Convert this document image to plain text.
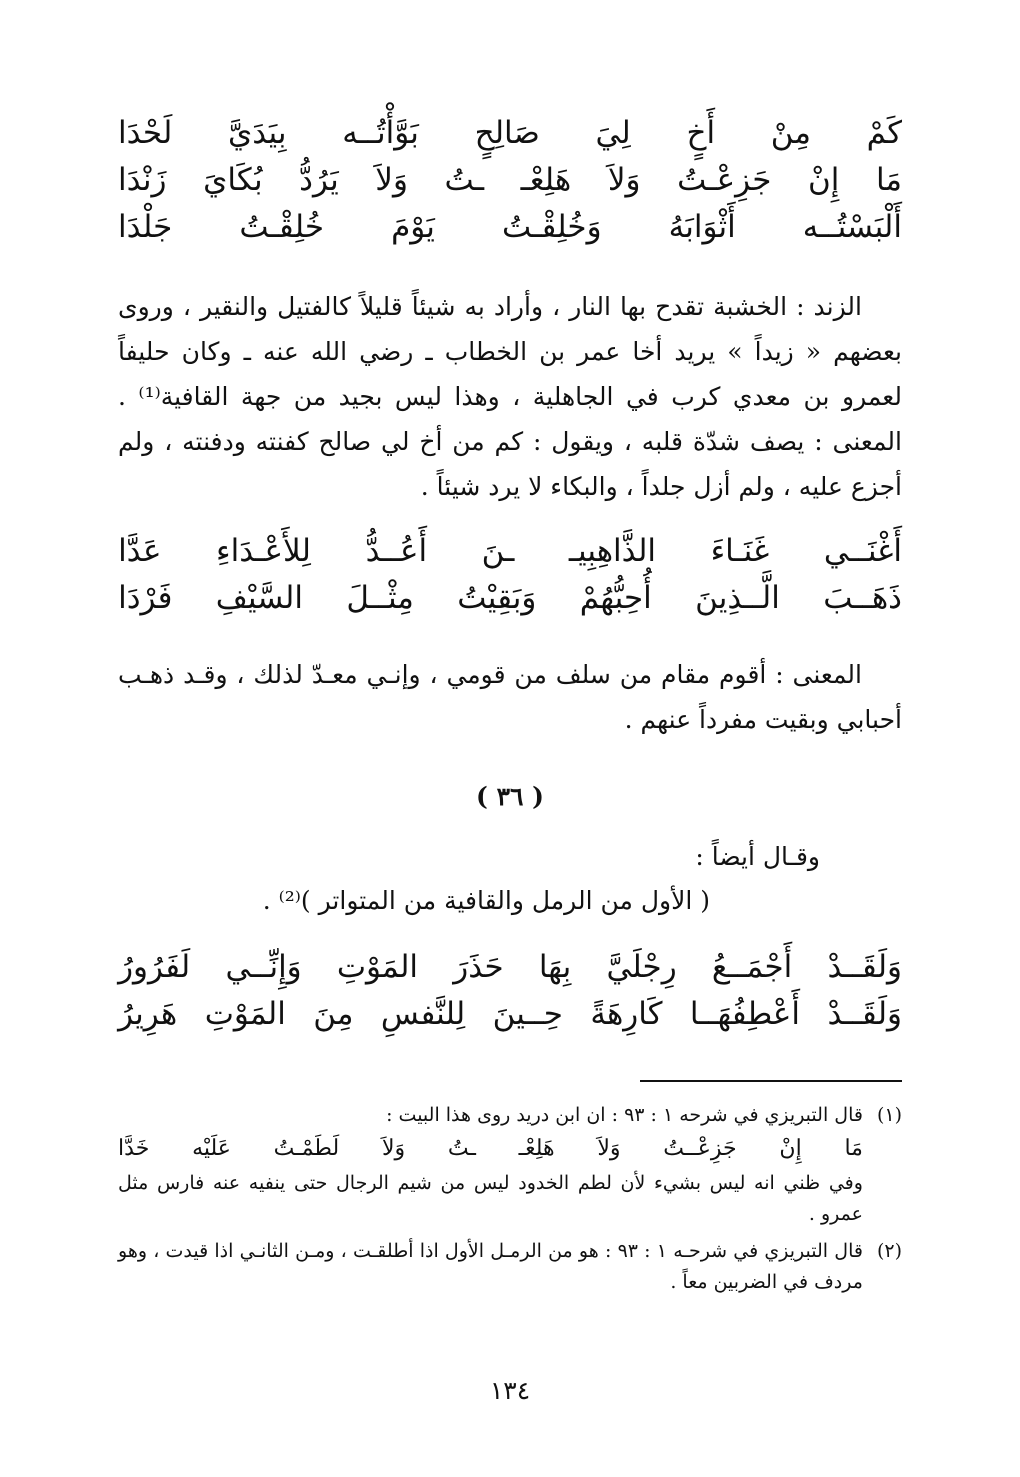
كَمْ
مِنْ
أَخٍ
لِيَ
صَالِحٍ
بَوَّأْتُــه
بِيَدَيَّ
لَحْدَا
مَا
إِنْ
جَزِعْـتُ
وَلاَ
هَلِعْـ
ـتُ
وَلاَ
يَرُدُّ
بُكَايَ
زَنْدَا
أَلْبَسْتُــه
أَثْوَابَهُ
وَخُلِقْـتُ
يَوْمَ
خُلِقْـتُ
جَلْدَا

الزند : الخشبة تقدح بها النار ، وأراد به شيئاً قليلاً كالفتيل والنقير ، وروى بعضهم « زيداً » يريد أخا عمر بن الخطاب ـ رضي الله عنه ـ وكان حليفاً لعمرو بن معدي كرب في الجاهلية ، وهذا ليس بجيد من جهة القافية⁽¹⁾ . المعنى : يصف شدّة قلبه ، ويقول : كم من أخ لي صالح كفنته ودفنته ، ولم أجزع عليه ، ولم أزل جلداً ، والبكاء لا يرد شيئاً .

أَغْنَــي
غَنَـاءَ
الذَّاهِبِيـ
ـنَ
أَعُــدُّ
لِلأَعْـدَاءِ
عَدَّا
ذَهَــبَ
الَّــذِينَ
أُحِبُّهُمْ
وَبَقِيْتُ
مِثْــلَ
السَّيْفِ
فَرْدَا

المعنى : أقوم مقام من سلف من قومي ، وإنـي معـدّ لذلك ، وقـد ذهـب أحبابي وبقيت مفرداً عنهم .

( ٣٦ )
وقـال أيضاً :
( الأول من الرمل والقافية من المتواتر )⁽²⁾ .
وَلَقَــدْ
أَجْمَــعُ
رِجْلَيَّ
بِهَا
حَذَرَ
المَوْتِ
وَإِنِّــي
لَفَرُورُ
وَلَقَــدْ
أَعْطِفُهَــا
كَارِهَةً
حِــينَ
لِلنَّفسِ
مِنَ
المَوْتِ
هَرِيرُ
(١)
قال التبريزي في شرحه ١ : ٩٣ : ان ابن دريد روى هذا البيت :
مَا
إِنْ
جَزِعْــتُ
وَلاَ
هَلِعْـ
ـتُ
وَلاَ
لَطَمْـتُ
عَلَيْه
خَدَّا
وفي ظني انه ليس بشيء لأن لطم الخدود ليس من شيم الرجال حتى ينفيه عنه فارس مثل عمرو .
(٢)
قال التبريزي في شرحـه ١ : ٩٣ : هو من الرمـل الأول اذا أطلقـت ، ومـن الثانـي اذا قيدت ، وهو مردف في الضربين معاً .
١٣٤
